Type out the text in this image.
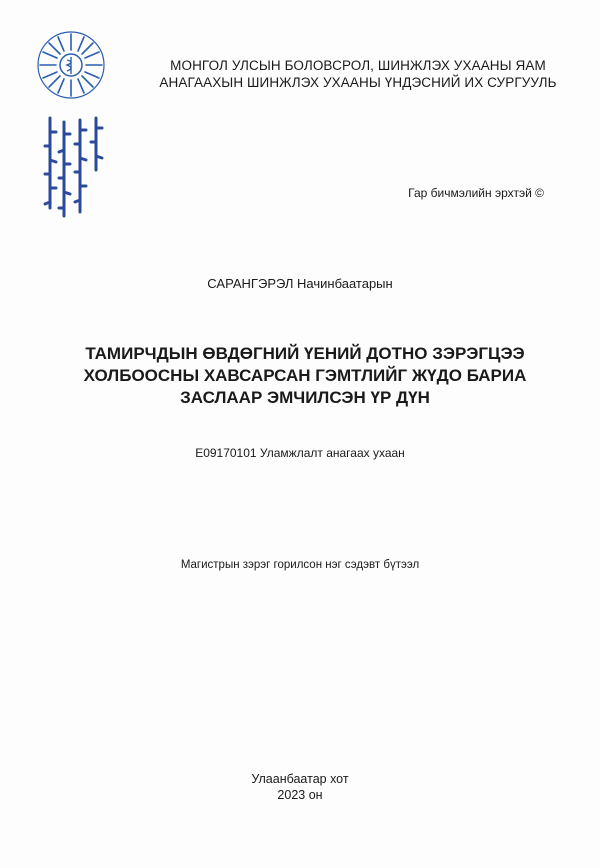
МОНГОЛ УЛСЫН БОЛОВСРОЛ, ШИНЖЛЭХ УХААНЫ ЯАМ
АНАГААХЫН ШИНЖЛЭХ УХААНЫ ҮНДЭСНИЙ ИХ СУРГУУЛЬ
Гар бичмэлийн эрхтэй ©
САРАНГЭРЭЛ Начинбаатарын
ТАМИРЧДЫН ӨВДӨГНИЙ ҮЕНИЙ ДОТНО ЗЭРЭГЦЭЭ
ХОЛБООСНЫ ХАВСАРСАН ГЭМТЛИЙГ ЖҮДО БАРИА
ЗАСЛААР ЭМЧИЛСЭН ҮР ДҮН
E09170101 Уламжлалт анагаах ухаан
Магистрын зэрэг горилсон нэг сэдэвт бүтээл
Улаанбаатар хот
2023 он
